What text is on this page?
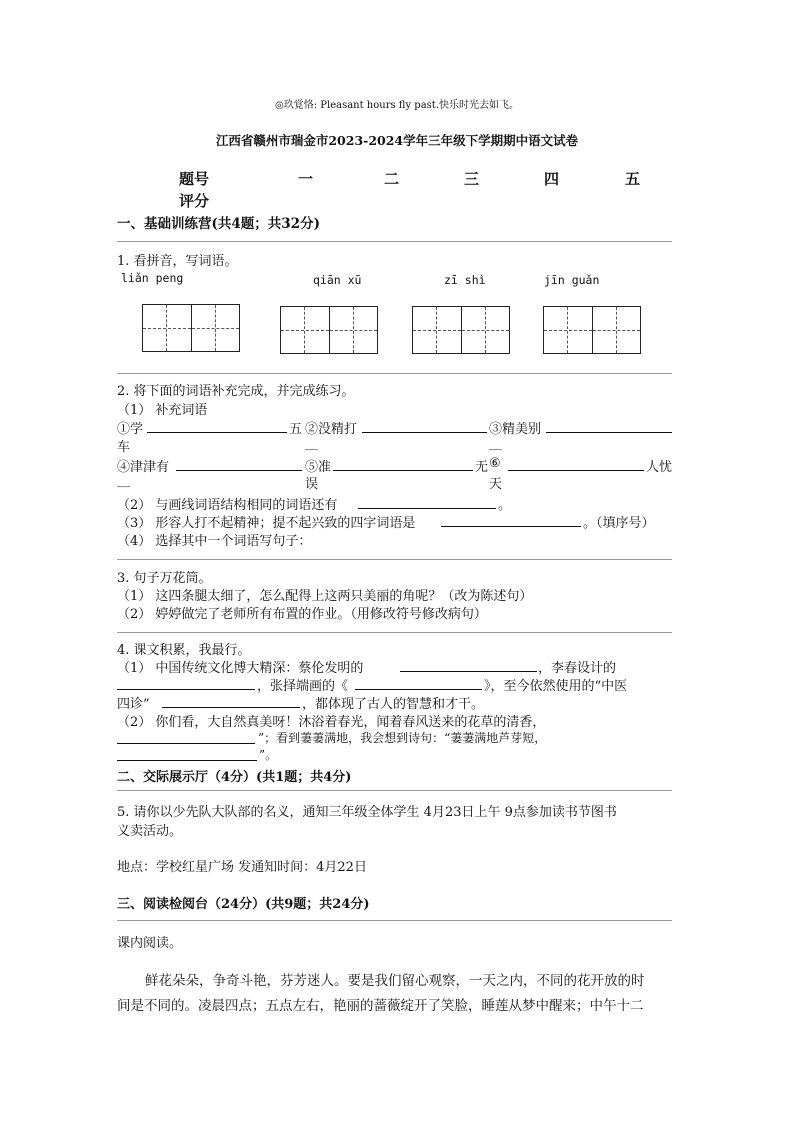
◎玖覚恪: Pleasant hours fly past.快乐时光去如飞。
江西省赣州市瑞金市2023-2024学年三年级下学期期中语文试卷
题号	一	二	三	四	五
评分
一、基础训练营(共4题；共32分)
1. 看拼音，写词语。
liǎn peng	qiān xū	zī shì	jīn guǎn
2. 将下面的词语补充完成，并完成练习。
（1） 补充词语
①学	五
车
②没精打
__
③精美别
__
④津津有
__
⑤准	无
误
⑥	人忧
天
（2） 与画线词语结构相同的词语还有	。
（3） 形容人打不起精神；提不起兴致的四字词语是	。（填序号）
（4） 选择其中一个词语写句子：
3. 句子万花筒。
（1） 这四条腿太细了，怎么配得上这两只美丽的角呢？（改为陈述句）
（2） 婷婷做完了老师所有布置的作业。（用修改符号修改病句）
4. 课文积累，我最行。
（1） 中国传统文化博大精深：蔡伦发明的	，李春设计的
，张择端画的《	》，至今依然使用的“中医
四诊”	，都体现了古人的智慧和才干。
（2） 你们看，大自然真美呀！沐浴着春光，闻着春风送来的花草的清香，
”；看到萋萋满地，我会想到诗句：“萋萋满地芦芽短，
”。
二、交际展示厅（4分）(共1题；共4分)
5. 请你以少先队大队部的名义，通知三年级全体学生 4月23日上午 9点参加读书节图书
义卖活动。
地点：学校红星广场 发通知时间：4月22日
三、阅读检阅台（24分）(共9题；共24分)
课内阅读。
鲜花朵朵，争奇斗艳，芬芳迷人。要是我们留心观察，一天之内，不同的花开放的时
间是不同的。凌晨四点；五点左右，艳丽的蔷薇绽开了笑脸，睡莲从梦中醒来；中午十二
